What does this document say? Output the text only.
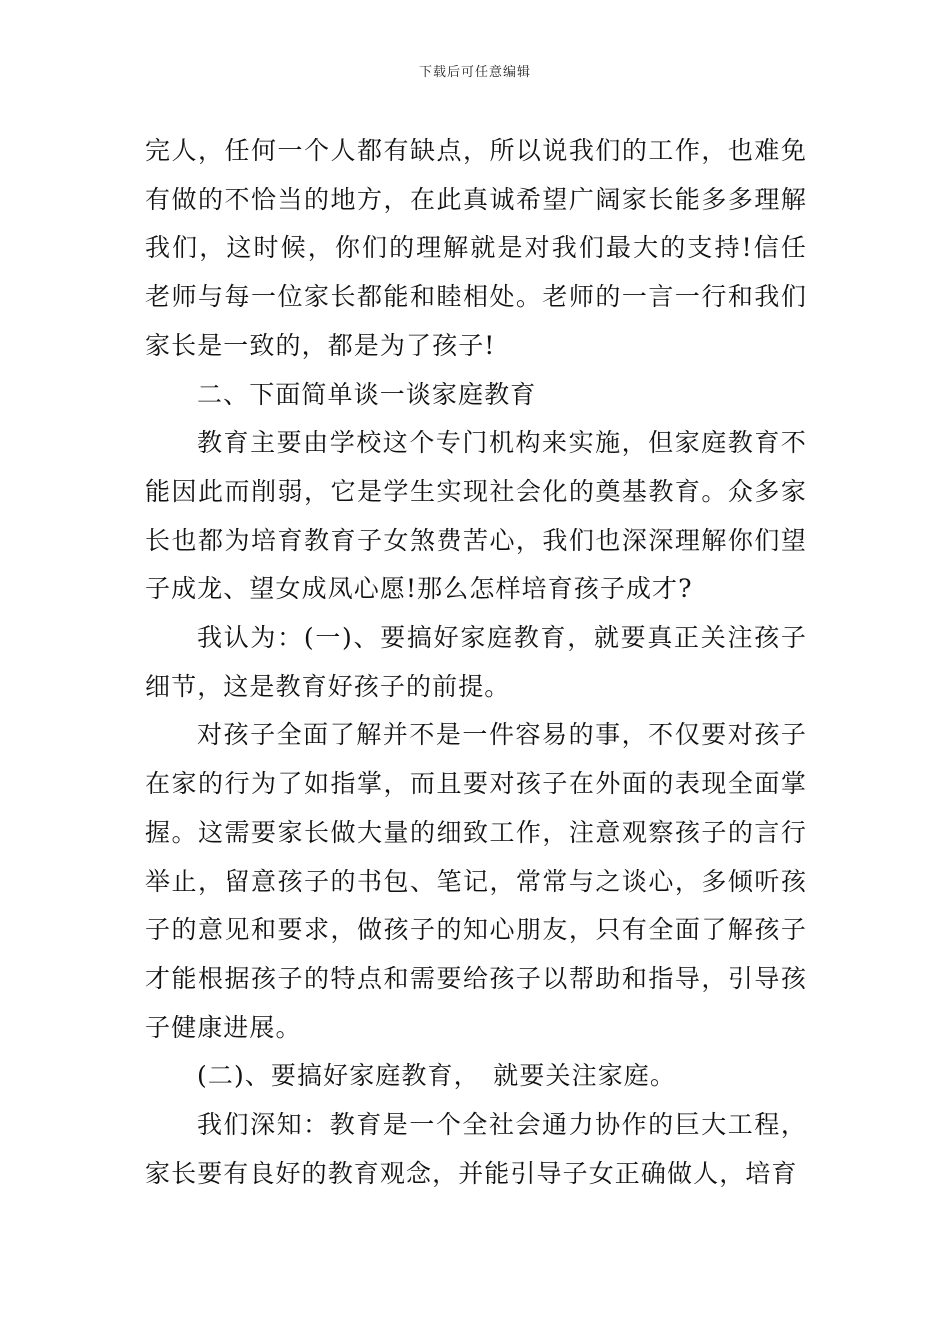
下载后可任意编辑

完人，任何一个人都有缺点，所以说我们的工作，也难免有做的不恰当的地方，在此真诚希望广阔家长能多多理解我们，这时候，你们的理解就是对我们最大的支持!信任老师与每一位家长都能和睦相处。老师的一言一行和我们家长是一致的，都是为了孩子!

二、下面简单谈一谈家庭教育

教育主要由学校这个专门机构来实施，但家庭教育不能因此而削弱，它是学生实现社会化的奠基教育。众多家长也都为培育教育子女煞费苦心，我们也深深理解你们望子成龙、望女成凤心愿!那么怎样培育孩子成才?

我认为：(一)、要搞好家庭教育，就要真正关注孩子细节，这是教育好孩子的前提。

对孩子全面了解并不是一件容易的事，不仅要对孩子在家的行为了如指掌，而且要对孩子在外面的表现全面掌握。这需要家长做大量的细致工作，注意观察孩子的言行举止，留意孩子的书包、笔记，常常与之谈心，多倾听孩子的意见和要求，做孩子的知心朋友，只有全面了解孩子才能根据孩子的特点和需要给孩子以帮助和指导，引导孩子健康进展。

(二)、要搞好家庭教育，　就要关注家庭。

我们深知：教育是一个全社会通力协作的巨大工程，家长要有良好的教育观念，并能引导子女正确做人，培育
